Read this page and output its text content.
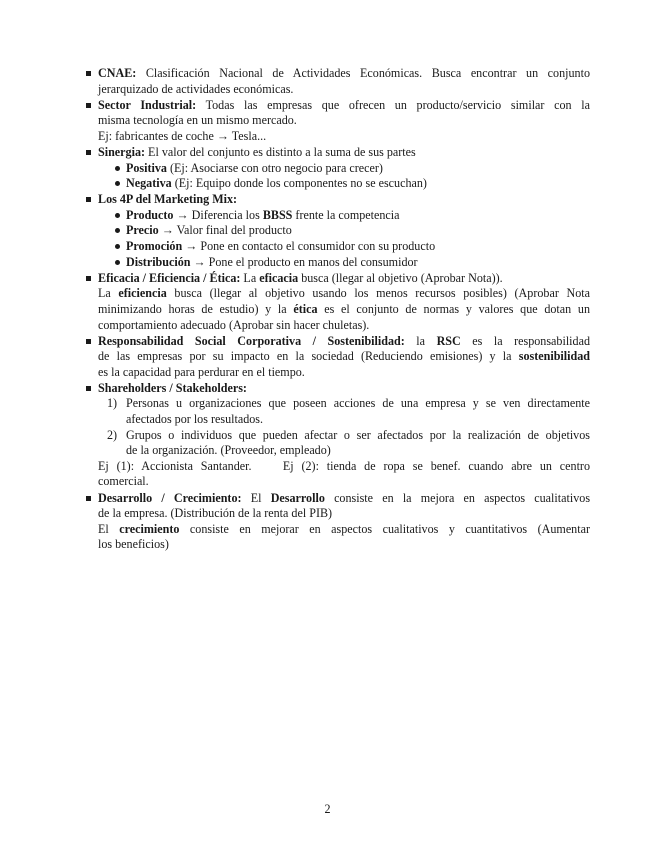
CNAE: Clasificación Nacional de Actividades Económicas. Busca encontrar un conjunto
jerarquizado de actividades económicas.
Sector Industrial: Todas las empresas que ofrecen un producto/servicio similar con la
misma tecnología en un mismo mercado.
Ej: fabricantes de coche → Tesla...
Sinergia: El valor del conjunto es distinto a la suma de sus partes
Positiva (Ej: Asociarse con otro negocio para crecer)
Negativa (Ej: Equipo donde los componentes no se escuchan)
Los 4P del Marketing Mix:
Producto → Diferencia los BBSS frente la competencia
Precio → Valor final del producto
Promoción → Pone en contacto el consumidor con su producto
Distribución → Pone el producto en manos del consumidor
Eficacia / Eficiencia / Ética: La eficacia busca (llegar al objetivo (Aprobar Nota)).
La eficiencia busca (llegar al objetivo usando los menos recursos posibles) (Aprobar Nota
minimizando horas de estudio) y la ética es el conjunto de normas y valores que dotan un
comportamiento adecuado (Aprobar sin hacer chuletas).
Responsabilidad Social Corporativa / Sostenibilidad: la RSC es la responsabilidad
de las empresas por su impacto en la sociedad (Reduciendo emisiones) y la sostenibilidad
es la capacidad para perdurar en el tiempo.
Shareholders / Stakeholders:
1) Personas u organizaciones que poseen acciones de una empresa y se ven directamente
afectados por los resultados.
2) Grupos o individuos que pueden afectar o ser afectados por la realización de objetivos
de la organización. (Proveedor, empleado)
Ej (1): Accionista Santander.    Ej (2): tienda de ropa se benef. cuando abre un centro
comercial.
Desarrollo / Crecimiento: El Desarrollo consiste en la mejora en aspectos cualitativos
de la empresa. (Distribución de la renta del PIB)
El crecimiento consiste en mejorar en aspectos cualitativos y cuantitativos (Aumentar
los beneficios)
2
